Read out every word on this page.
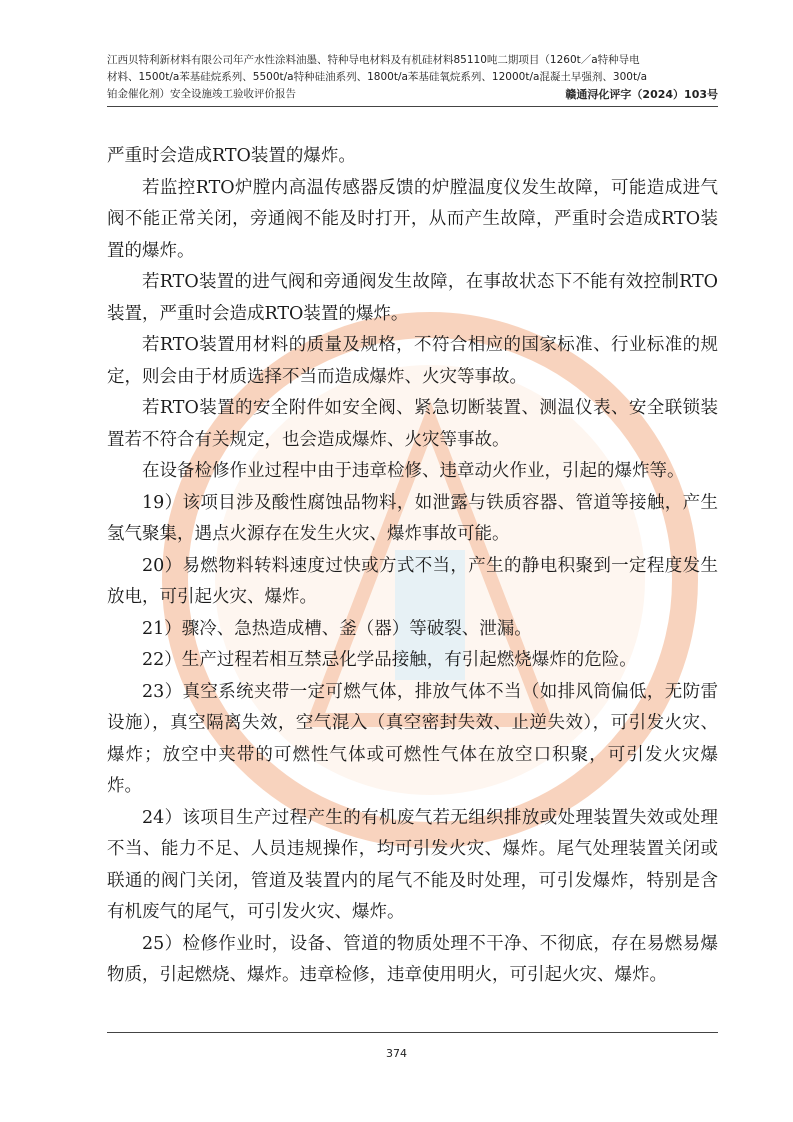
江西贝特利新材料有限公司年产水性涂料油墨、特种导电材料及有机硅材料85110吨二期项目（1260t／a特种导电
材料、1500t/a苯基硅烷系列、5500t/a特种硅油系列、1800t/a苯基硅氧烷系列、12000t/a混凝土早强剂、300t/a
铂金催化剂）安全设施竣工验收评价报告	赣通浔化评字（2024）103号

严重时会造成RTO装置的爆炸。

若监控RTO炉膛内高温传感器反馈的炉膛温度仪发生故障，可能造成进气阀不能正常关闭，旁通阀不能及时打开，从而产生故障，严重时会造成RTO装置的爆炸。

若RTO装置的进气阀和旁通阀发生故障，在事故状态下不能有效控制RTO装置，严重时会造成RTO装置的爆炸。

若RTO装置用材料的质量及规格，不符合相应的国家标准、行业标准的规定，则会由于材质选择不当而造成爆炸、火灾等事故。

若RTO装置的安全附件如安全阀、紧急切断装置、测温仪表、安全联锁装置若不符合有关规定，也会造成爆炸、火灾等事故。

在设备检修作业过程中由于违章检修、违章动火作业，引起的爆炸等。

19）该项目涉及酸性腐蚀品物料，如泄露与铁质容器、管道等接触，产生氢气聚集，遇点火源存在发生火灾、爆炸事故可能。

20）易燃物料转料速度过快或方式不当，产生的静电积聚到一定程度发生放电，可引起火灾、爆炸。

21）骤冷、急热造成槽、釜（器）等破裂、泄漏。

22）生产过程若相互禁忌化学品接触，有引起燃烧爆炸的危险。

23）真空系统夹带一定可燃气体，排放气体不当（如排风筒偏低，无防雷设施），真空隔离失效，空气混入（真空密封失效、止逆失效），可引发火灾、爆炸；放空中夹带的可燃性气体或可燃性气体在放空口积聚，可引发火灾爆炸。

24）该项目生产过程产生的有机废气若无组织排放或处理装置失效或处理不当、能力不足、人员违规操作，均可引发火灾、爆炸。尾气处理装置关闭或联通的阀门关闭，管道及装置内的尾气不能及时处理，可引发爆炸，特别是含有机废气的尾气，可引发火灾、爆炸。

25）检修作业时，设备、管道的物质处理不干净、不彻底，存在易燃易爆物质，引起燃烧、爆炸。违章检修，违章使用明火，可引起火灾、爆炸。

374
